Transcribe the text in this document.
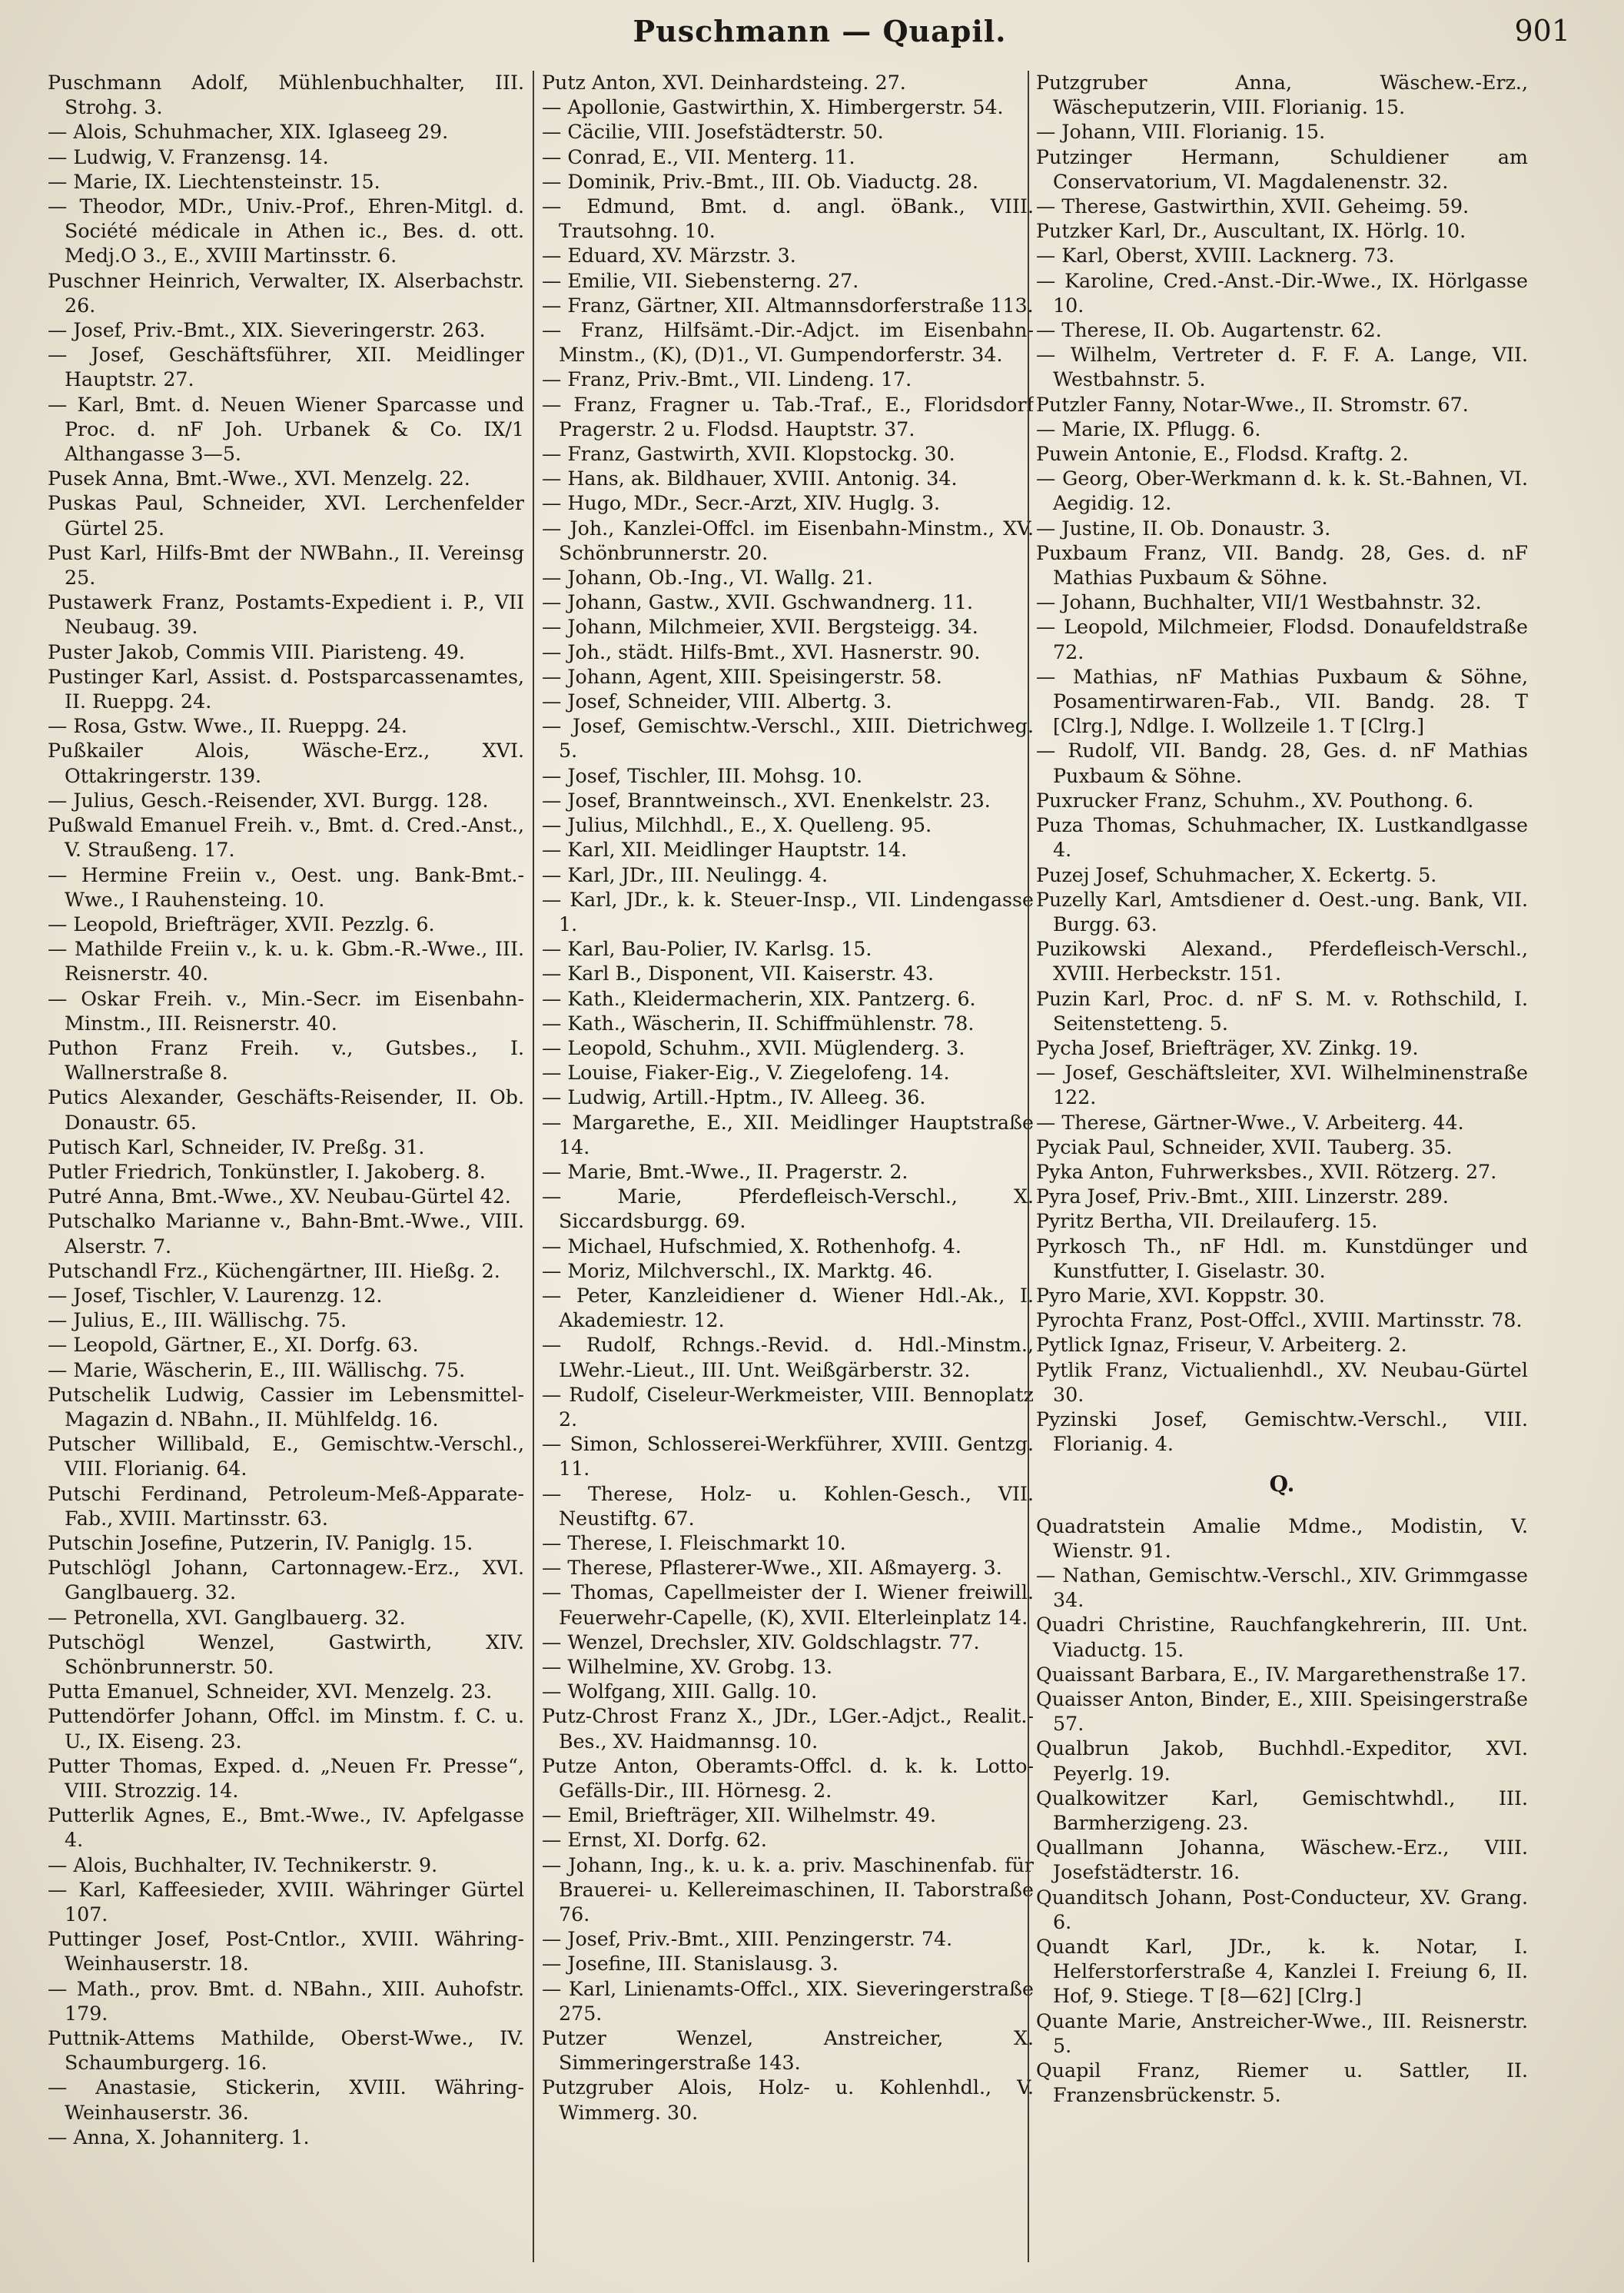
Puschmann — Quapil.	901

Puschmann Adolf, Mühlenbuchhalter, III. Strohg. 3.

— Alois, Schuhmacher, XIX. Iglaseeg 29.

— Ludwig, V. Franzensg. 14.

— Marie, IX. Liechtensteinstr. 15.

— Theodor, MDr., Univ.-Prof., Ehren-Mitgl. d. Société médicale in Athen ic., Bes. d. ott. Medj.O 3., E., XVIII Martinsstr. 6.

Puschner Heinrich, Verwalter, IX. Alserbachstr. 26.

— Josef, Priv.-Bmt., XIX. Sieveringerstr. 263.

— Josef, Geschäftsführer, XII. Meidlinger Hauptstr. 27.

— Karl, Bmt. d. Neuen Wiener Sparcasse und Proc. d. nF Joh. Urbanek & Co. IX/1 Althangasse 3—5.

Pusek Anna, Bmt.-Wwe., XVI. Menzelg. 22.

Puskas Paul, Schneider, XVI. Lerchenfelder Gürtel 25.

Pust Karl, Hilfs-Bmt der NWBahn., II. Vereinsg 25.

Pustawerk Franz, Postamts-Expedient i. P., VII Neubaug. 39.

Puster Jakob, Commis VIII. Piaristeng. 49.

Pustinger Karl, Assist. d. Postsparcassenamtes, II. Rueppg. 24.

— Rosa, Gstw. Wwe., II. Rueppg. 24.

Pußkailer Alois, Wäsche-Erz., XVI. Ottakringerstr. 139.

— Julius, Gesch.-Reisender, XVI. Burgg. 128.

Pußwald Emanuel Freih. v., Bmt. d. Cred.-Anst., V. Straußeng. 17.

— Hermine Freiin v., Oest. ung. Bank-Bmt.-Wwe., I Rauhensteing. 10.

— Leopold, Briefträger, XVII. Pezzlg. 6.

— Mathilde Freiin v., k. u. k. Gbm.-R.-Wwe., III. Reisnerstr. 40.

— Oskar Freih. v., Min.-Secr. im Eisenbahn-Minstm., III. Reisnerstr. 40.

Puthon Franz Freih. v., Gutsbes., I. Wallnerstraße 8.

Putics Alexander, Geschäfts-Reisender, II. Ob. Donaustr. 65.

Putisch Karl, Schneider, IV. Preßg. 31.

Putler Friedrich, Tonkünstler, I. Jakoberg. 8.

Putré Anna, Bmt.-Wwe., XV. Neubau-Gürtel 42.

Putschalko Marianne v., Bahn-Bmt.-Wwe., VIII. Alserstr. 7.

Putschandl Frz., Küchengärtner, III. Hießg. 2.

— Josef, Tischler, V. Laurenzg. 12.

— Julius, E., III. Wällischg. 75.

— Leopold, Gärtner, E., XI. Dorfg. 63.

— Marie, Wäscherin, E., III. Wällischg. 75.

Putschelik Ludwig, Cassier im Lebensmittel-Magazin d. NBahn., II. Mühlfeldg. 16.

Putscher Willibald, E., Gemischtw.-Verschl., VIII. Florianig. 64.

Putschi Ferdinand, Petroleum-Meß-Apparate-Fab., XVIII. Martinsstr. 63.

Putschin Josefine, Putzerin, IV. Paniglg. 15.

Putschlögl Johann, Cartonnagew.-Erz., XVI. Ganglbauerg. 32.

— Petronella, XVI. Ganglbauerg. 32.

Putschögl Wenzel, Gastwirth, XIV. Schönbrunnerstr. 50.

Putta Emanuel, Schneider, XVI. Menzelg. 23.

Puttendörfer Johann, Offcl. im Minstm. f. C. u. U., IX. Eiseng. 23.

Putter Thomas, Exped. d. „Neuen Fr. Presse“, VIII. Strozzig. 14.

Putterlik Agnes, E., Bmt.-Wwe., IV. Apfelgasse 4.

— Alois, Buchhalter, IV. Technikerstr. 9.

— Karl, Kaffeesieder, XVIII. Währinger Gürtel 107.

Puttinger Josef, Post-Cntlor., XVIII. Währing-Weinhauserstr. 18.

— Math., prov. Bmt. d. NBahn., XIII. Auhofstr. 179.

Puttnik-Attems Mathilde, Oberst-Wwe., IV. Schaumburgerg. 16.

— Anastasie, Stickerin, XVIII. Währing-Weinhauserstr. 36.

— Anna, X. Johanniterg. 1.

Putz Anton, XVI. Deinhardsteing. 27.

— Apollonie, Gastwirthin, X. Himbergerstr. 54.

— Cäcilie, VIII. Josefstädterstr. 50.

— Conrad, E., VII. Menterg. 11.

— Dominik, Priv.-Bmt., III. Ob. Viaductg. 28.

— Edmund, Bmt. d. angl. öBank., VIII. Trautsohng. 10.

— Eduard, XV. Märzstr. 3.

— Emilie, VII. Siebensterng. 27.

— Franz, Gärtner, XII. Altmannsdorferstraße 113.

— Franz, Hilfsämt.-Dir.-Adjct. im Eisenbahn-Minstm., (K), (D)1., VI. Gumpendorferstr. 34.

— Franz, Priv.-Bmt., VII. Lindeng. 17.

— Franz, Fragner u. Tab.-Traf., E., Floridsdorf Pragerstr. 2 u. Flodsd. Hauptstr. 37.

— Franz, Gastwirth, XVII. Klopstockg. 30.

— Hans, ak. Bildhauer, XVIII. Antonig. 34.

— Hugo, MDr., Secr.-Arzt, XIV. Huglg. 3.

— Joh., Kanzlei-Offcl. im Eisenbahn-Minstm., XV. Schönbrunnerstr. 20.

— Johann, Ob.-Ing., VI. Wallg. 21.

— Johann, Gastw., XVII. Gschwandnerg. 11.

— Johann, Milchmeier, XVII. Bergsteigg. 34.

— Joh., städt. Hilfs-Bmt., XVI. Hasnerstr. 90.

— Johann, Agent, XIII. Speisingerstr. 58.

— Josef, Schneider, VIII. Albertg. 3.

— Josef, Gemischtw.-Verschl., XIII. Dietrichweg. 5.

— Josef, Tischler, III. Mohsg. 10.

— Josef, Branntweinsch., XVI. Enenkelstr. 23.

— Julius, Milchhdl., E., X. Quelleng. 95.

— Karl, XII. Meidlinger Hauptstr. 14.

— Karl, JDr., III. Neulingg. 4.

— Karl, JDr., k. k. Steuer-Insp., VII. Lindengasse 1.

— Karl, Bau-Polier, IV. Karlsg. 15.

— Karl B., Disponent, VII. Kaiserstr. 43.

— Kath., Kleidermacherin, XIX. Pantzerg. 6.

— Kath., Wäscherin, II. Schiffmühlenstr. 78.

— Leopold, Schuhm., XVII. Müglenderg. 3.

— Louise, Fiaker-Eig., V. Ziegelofeng. 14.

— Ludwig, Artill.-Hptm., IV. Alleeg. 36.

— Margarethe, E., XII. Meidlinger Hauptstraße 14.

— Marie, Bmt.-Wwe., II. Pragerstr. 2.

— Marie, Pferdefleisch-Verschl., X. Siccardsburgg. 69.

— Michael, Hufschmied, X. Rothenhofg. 4.

— Moriz, Milchverschl., IX. Marktg. 46.

— Peter, Kanzleidiener d. Wiener Hdl.-Ak., I. Akademiestr. 12.

— Rudolf, Rchngs.-Revid. d. Hdl.-Minstm., LWehr.-Lieut., III. Unt. Weißgärberstr. 32.

— Rudolf, Ciseleur-Werkmeister, VIII. Bennoplatz 2.

— Simon, Schlosserei-Werkführer, XVIII. Gentzg. 11.

— Therese, Holz- u. Kohlen-Gesch., VII. Neustiftg. 67.

— Therese, I. Fleischmarkt 10.

— Therese, Pflasterer-Wwe., XII. Aßmayerg. 3.

— Thomas, Capellmeister der I. Wiener freiwill. Feuerwehr-Capelle, (K), XVII. Elterleinplatz 14.

— Wenzel, Drechsler, XIV. Goldschlagstr. 77.

— Wilhelmine, XV. Grobg. 13.

— Wolfgang, XIII. Gallg. 10.

Putz-Chrost Franz X., JDr., LGer.-Adjct., Realit.-Bes., XV. Haidmannsg. 10.

Putze Anton, Oberamts-Offcl. d. k. k. Lotto-Gefälls-Dir., III. Hörnesg. 2.

— Emil, Briefträger, XII. Wilhelmstr. 49.

— Ernst, XI. Dorfg. 62.

— Johann, Ing., k. u. k. a. priv. Maschinenfab. für Brauerei- u. Kellereimaschinen, II. Taborstraße 76.

— Josef, Priv.-Bmt., XIII. Penzingerstr. 74.

— Josefine, III. Stanislausg. 3.

— Karl, Linienamts-Offcl., XIX. Sieveringerstraße 275.

Putzer Wenzel, Anstreicher, X. Simmeringerstraße 143.

Putzgruber Alois, Holz- u. Kohlenhdl., V. Wimmerg. 30.

Putzgruber Anna, Wäschew.-Erz., Wäscheputzerin, VIII. Florianig. 15.

— Johann, VIII. Florianig. 15.

Putzinger Hermann, Schuldiener am Conservatorium, VI. Magdalenenstr. 32.

— Therese, Gastwirthin, XVII. Geheimg. 59.

Putzker Karl, Dr., Auscultant, IX. Hörlg. 10.

— Karl, Oberst, XVIII. Lacknerg. 73.

— Karoline, Cred.-Anst.-Dir.-Wwe., IX. Hörlgasse 10.

— Therese, II. Ob. Augartenstr. 62.

— Wilhelm, Vertreter d. F. F. A. Lange, VII. Westbahnstr. 5.

Putzler Fanny, Notar-Wwe., II. Stromstr. 67.

— Marie, IX. Pflugg. 6.

Puwein Antonie, E., Flodsd. Kraftg. 2.

— Georg, Ober-Werkmann d. k. k. St.-Bahnen, VI. Aegidig. 12.

— Justine, II. Ob. Donaustr. 3.

Puxbaum Franz, VII. Bandg. 28, Ges. d. nF Mathias Puxbaum & Söhne.

— Johann, Buchhalter, VII/1 Westbahnstr. 32.

— Leopold, Milchmeier, Flodsd. Donaufeldstraße 72.

— Mathias, nF Mathias Puxbaum & Söhne, Posamentirwaren-Fab., VII. Bandg. 28. T [Clrg.], Ndlge. I. Wollzeile 1. T [Clrg.]

— Rudolf, VII. Bandg. 28, Ges. d. nF Mathias Puxbaum & Söhne.

Puxrucker Franz, Schuhm., XV. Pouthong. 6.

Puza Thomas, Schuhmacher, IX. Lustkandlgasse 4.

Puzej Josef, Schuhmacher, X. Eckertg. 5.

Puzelly Karl, Amtsdiener d. Oest.-ung. Bank, VII. Burgg. 63.

Puzikowski Alexand., Pferdefleisch-Verschl., XVIII. Herbeckstr. 151.

Puzin Karl, Proc. d. nF S. M. v. Rothschild, I. Seitenstetteng. 5.

Pycha Josef, Briefträger, XV. Zinkg. 19.

— Josef, Geschäftsleiter, XVI. Wilhelminenstraße 122.

— Therese, Gärtner-Wwe., V. Arbeiterg. 44.

Pyciak Paul, Schneider, XVII. Tauberg. 35.

Pyka Anton, Fuhrwerksbes., XVII. Rötzerg. 27.

Pyra Josef, Priv.-Bmt., XIII. Linzerstr. 289.

Pyritz Bertha, VII. Dreilauferg. 15.

Pyrkosch Th., nF Hdl. m. Kunstdünger und Kunstfutter, I. Giselastr. 30.

Pyro Marie, XVI. Koppstr. 30.

Pyrochta Franz, Post-Offcl., XVIII. Martinsstr. 78.

Pytlick Ignaz, Friseur, V. Arbeiterg. 2.

Pytlik Franz, Victualienhdl., XV. Neubau-Gürtel 30.

Pyzinski Josef, Gemischtw.-Verschl., VIII. Florianig. 4.

Q.

Quadratstein Amalie Mdme., Modistin, V. Wienstr. 91.

— Nathan, Gemischtw.-Verschl., XIV. Grimmgasse 34.

Quadri Christine, Rauchfangkehrerin, III. Unt. Viaductg. 15.

Quaissant Barbara, E., IV. Margarethenstraße 17.

Quaisser Anton, Binder, E., XIII. Speisingerstraße 57.

Qualbrun Jakob, Buchhdl.-Expeditor, XVI. Peyerlg. 19.

Qualkowitzer Karl, Gemischtwhdl., III. Barmherzigeng. 23.

Quallmann Johanna, Wäschew.-Erz., VIII. Josefstädterstr. 16.

Quanditsch Johann, Post-Conducteur, XV. Grang. 6.

Quandt Karl, JDr., k. k. Notar, I. Helferstorferstraße 4, Kanzlei I. Freiung 6, II. Hof, 9. Stiege. T [8—62] [Clrg.]

Quante Marie, Anstreicher-Wwe., III. Reisnerstr. 5.

Quapil Franz, Riemer u. Sattler, II. Franzensbrückenstr. 5.
